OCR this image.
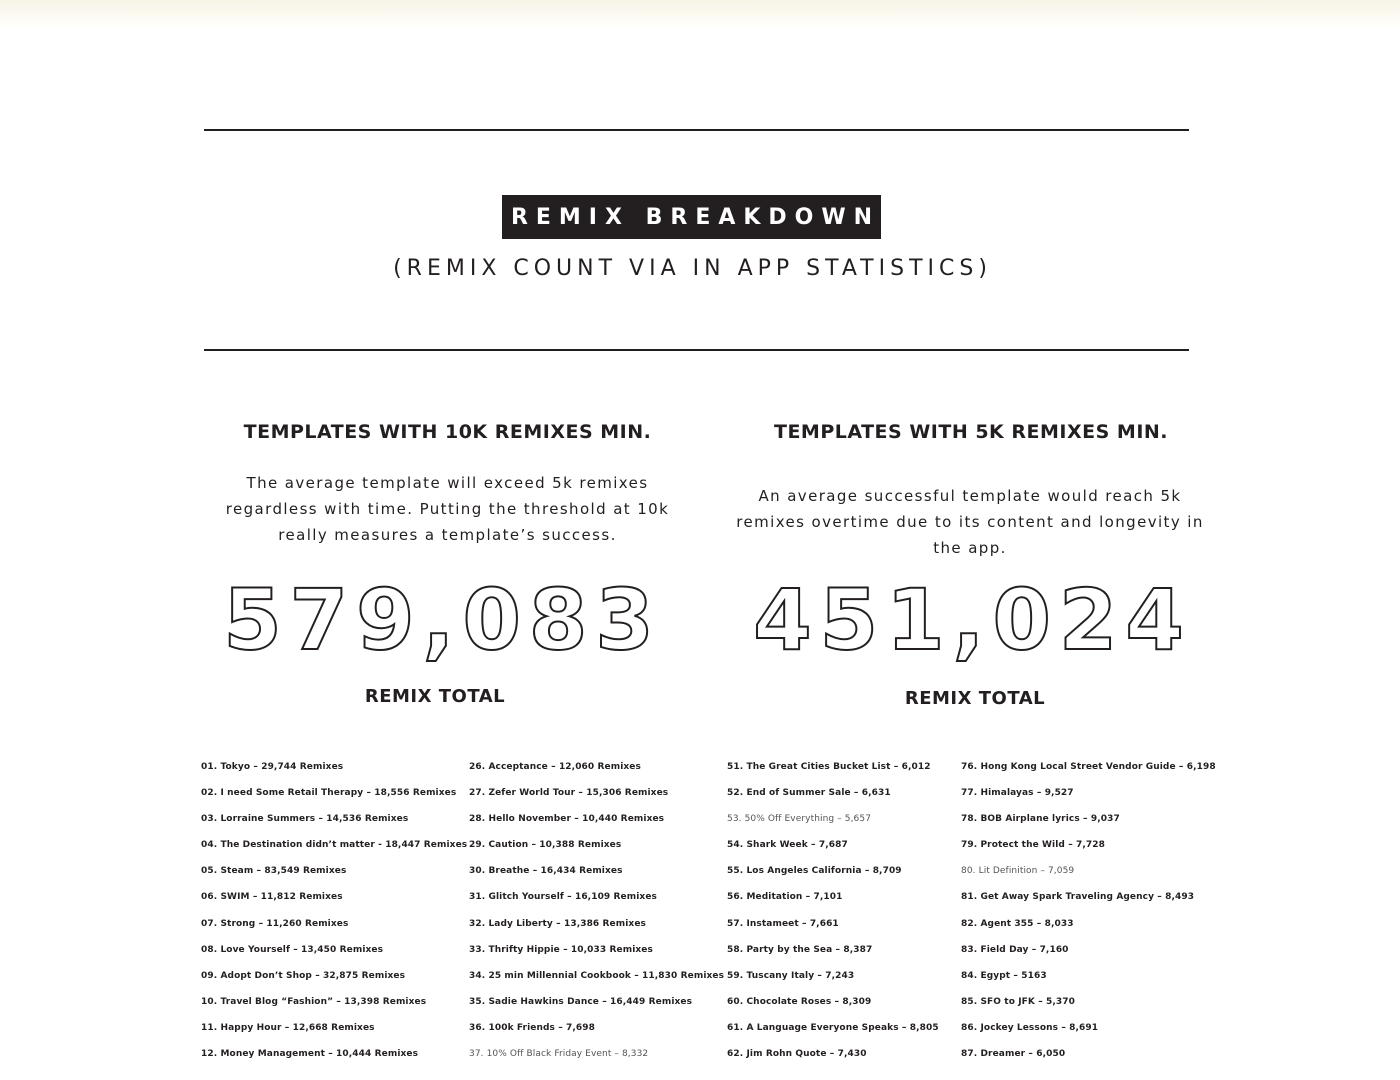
REMIX BREAKDOWN
(REMIX COUNT VIA IN APP STATISTICS)
TEMPLATES WITH 10K REMIXES MIN.
The average template will exceed 5k remixes regardless with time. Putting the threshold at 10k really measures a template’s success.
579,083
REMIX TOTAL
TEMPLATES WITH 5K REMIXES MIN.
An average successful template would reach 5k remixes overtime due to its content and longevity in the app.
451,024
REMIX TOTAL
01. Tokyo – 29,744 Remixes
02. I need Some Retail Therapy – 18,556 Remixes
03. Lorraine Summers – 14,536 Remixes
04. The Destination didn’t matter - 18,447 Remixes
05. Steam – 83,549 Remixes
06. SWIM – 11,812 Remixes
07. Strong – 11,260 Remixes
08. Love Yourself – 13,450 Remixes
09. Adopt Don’t Shop – 32,875 Remixes
10. Travel Blog “Fashion” – 13,398 Remixes
11. Happy Hour – 12,668 Remixes
12. Money Management – 10,444 Remixes
26. Acceptance – 12,060 Remixes
27. Zefer World Tour – 15,306 Remixes
28. Hello November – 10,440 Remixes
29. Caution – 10,388 Remixes
30. Breathe – 16,434 Remixes
31. Glitch Yourself – 16,109 Remixes
32. Lady Liberty – 13,386 Remixes
33. Thrifty Hippie – 10,033 Remixes
34. 25 min Millennial Cookbook – 11,830 Remixes
35. Sadie Hawkins Dance – 16,449 Remixes
36. 100k Friends – 7,698
37. 10% Off Black Friday Event – 8,332
51. The Great Cities Bucket List – 6,012
52. End of Summer Sale – 6,631
53. 50% Off Everything – 5,657
54. Shark Week – 7,687
55. Los Angeles California – 8,709
56. Meditation – 7,101
57. Instameet – 7,661
58. Party by the Sea – 8,387
59. Tuscany Italy – 7,243
60. Chocolate Roses – 8,309
61. A Language Everyone Speaks – 8,805
62. Jim Rohn Quote – 7,430
76. Hong Kong Local Street Vendor Guide – 6,198
77. Himalayas – 9,527
78. BOB Airplane lyrics – 9,037
79. Protect the Wild – 7,728
80. Lit Definition – 7,059
81. Get Away Spark Traveling Agency – 8,493
82. Agent 355 – 8,033
83. Field Day – 7,160
84. Egypt – 5163
85. SFO to JFK – 5,370
86. Jockey Lessons – 8,691
87. Dreamer – 6,050
